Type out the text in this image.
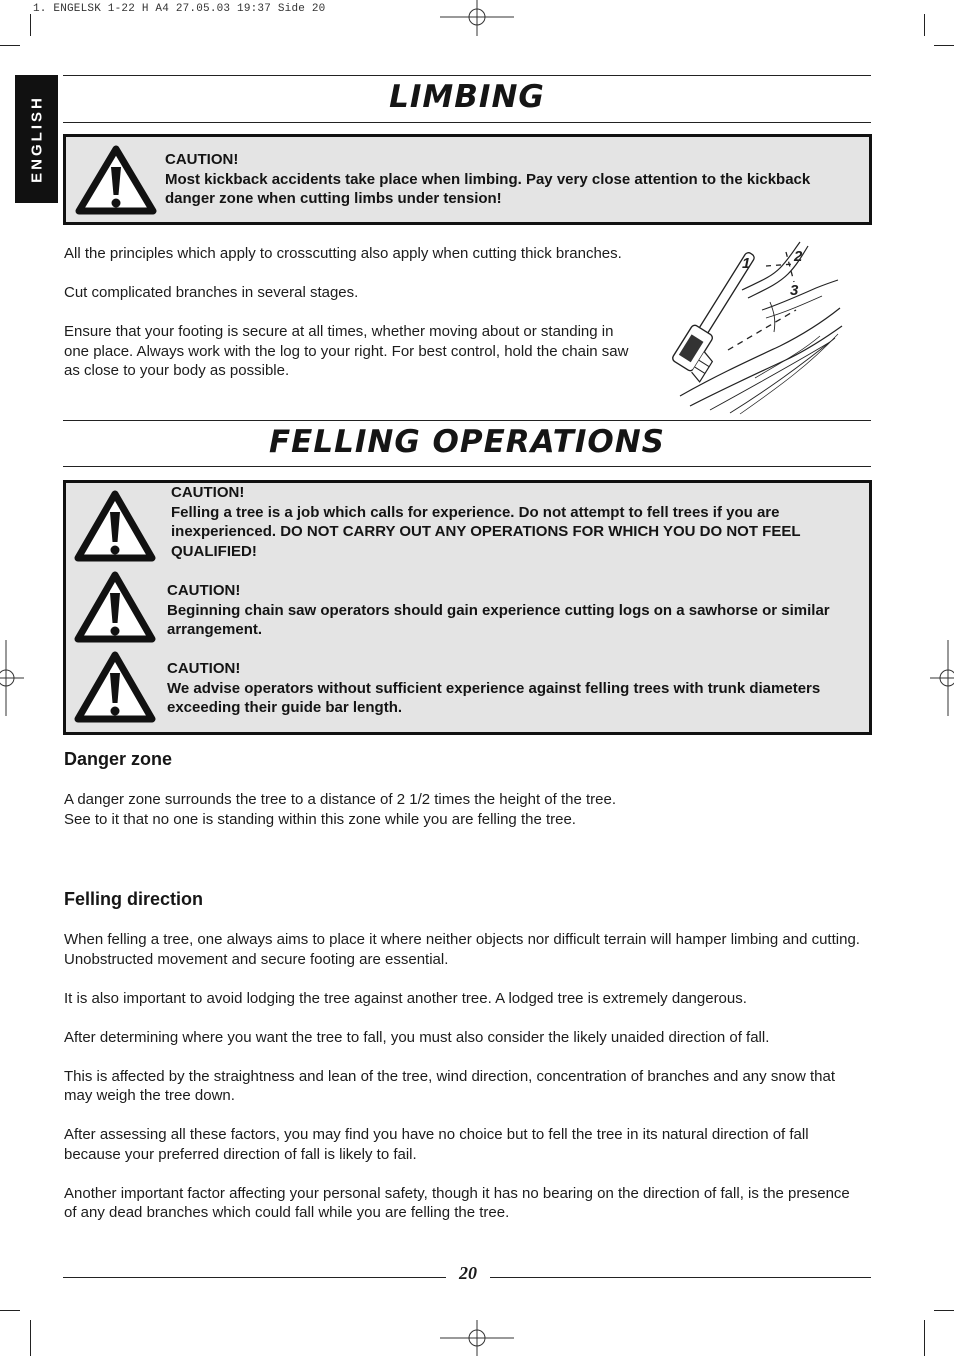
1. ENGELSK 1-22 H A4 27.05.03 19:37 Side 20
ENGLISH	LIMBING

CAUTION!

Most kickback accidents take place when limbing. Pay very close attention to the kickback danger zone when cutting limbs under tension!

All the principles which apply to crosscutting also apply when cutting thick branches.

Cut complicated branches in several stages.

Ensure that your footing is secure at all times, whether moving about or standing in one place. Always work with the log to your right. For best control, hold the chain saw as close to your body as possible.

1	2
3
FELLING OPERATIONS

CAUTION!

Felling a tree is a job which calls for experience. Do not attempt to fell trees if you are inexperienced. DO NOT CARRY OUT ANY OPERATIONS FOR WHICH YOU DO NOT FEEL QUALIFIED!

CAUTION!

Beginning chain saw operators should gain experience cutting logs on a sawhorse or similar arrangement.

CAUTION!

We advise operators without sufficient experience against felling trees with trunk diameters exceeding their guide bar length.

Danger zone

A danger zone surrounds the tree to a distance of 2 1/2 times the height of the tree.

See to it that no one is standing within this zone while you are felling the tree.

Felling direction

When felling a tree, one always aims to place it where neither objects nor difficult terrain will hamper limbing and cutting. Unobstructed movement and secure footing are essential.

It is also important to avoid lodging the tree against another tree. A lodged tree is extremely dangerous.

After determining where you want the tree to fall, you must also consider the likely unaided direction of fall.

This is affected by the straightness and lean of the tree, wind direction, concentration of branches and any snow that may weigh the tree down.

After assessing all these factors, you may find you have no choice but to fell the tree in its natural direction of fall because your preferred direction of fall is likely to fail.

Another important factor affecting your personal safety, though it has no bearing on the direction of fall, is the presence of any dead branches which could fall while you are felling the tree.

20
